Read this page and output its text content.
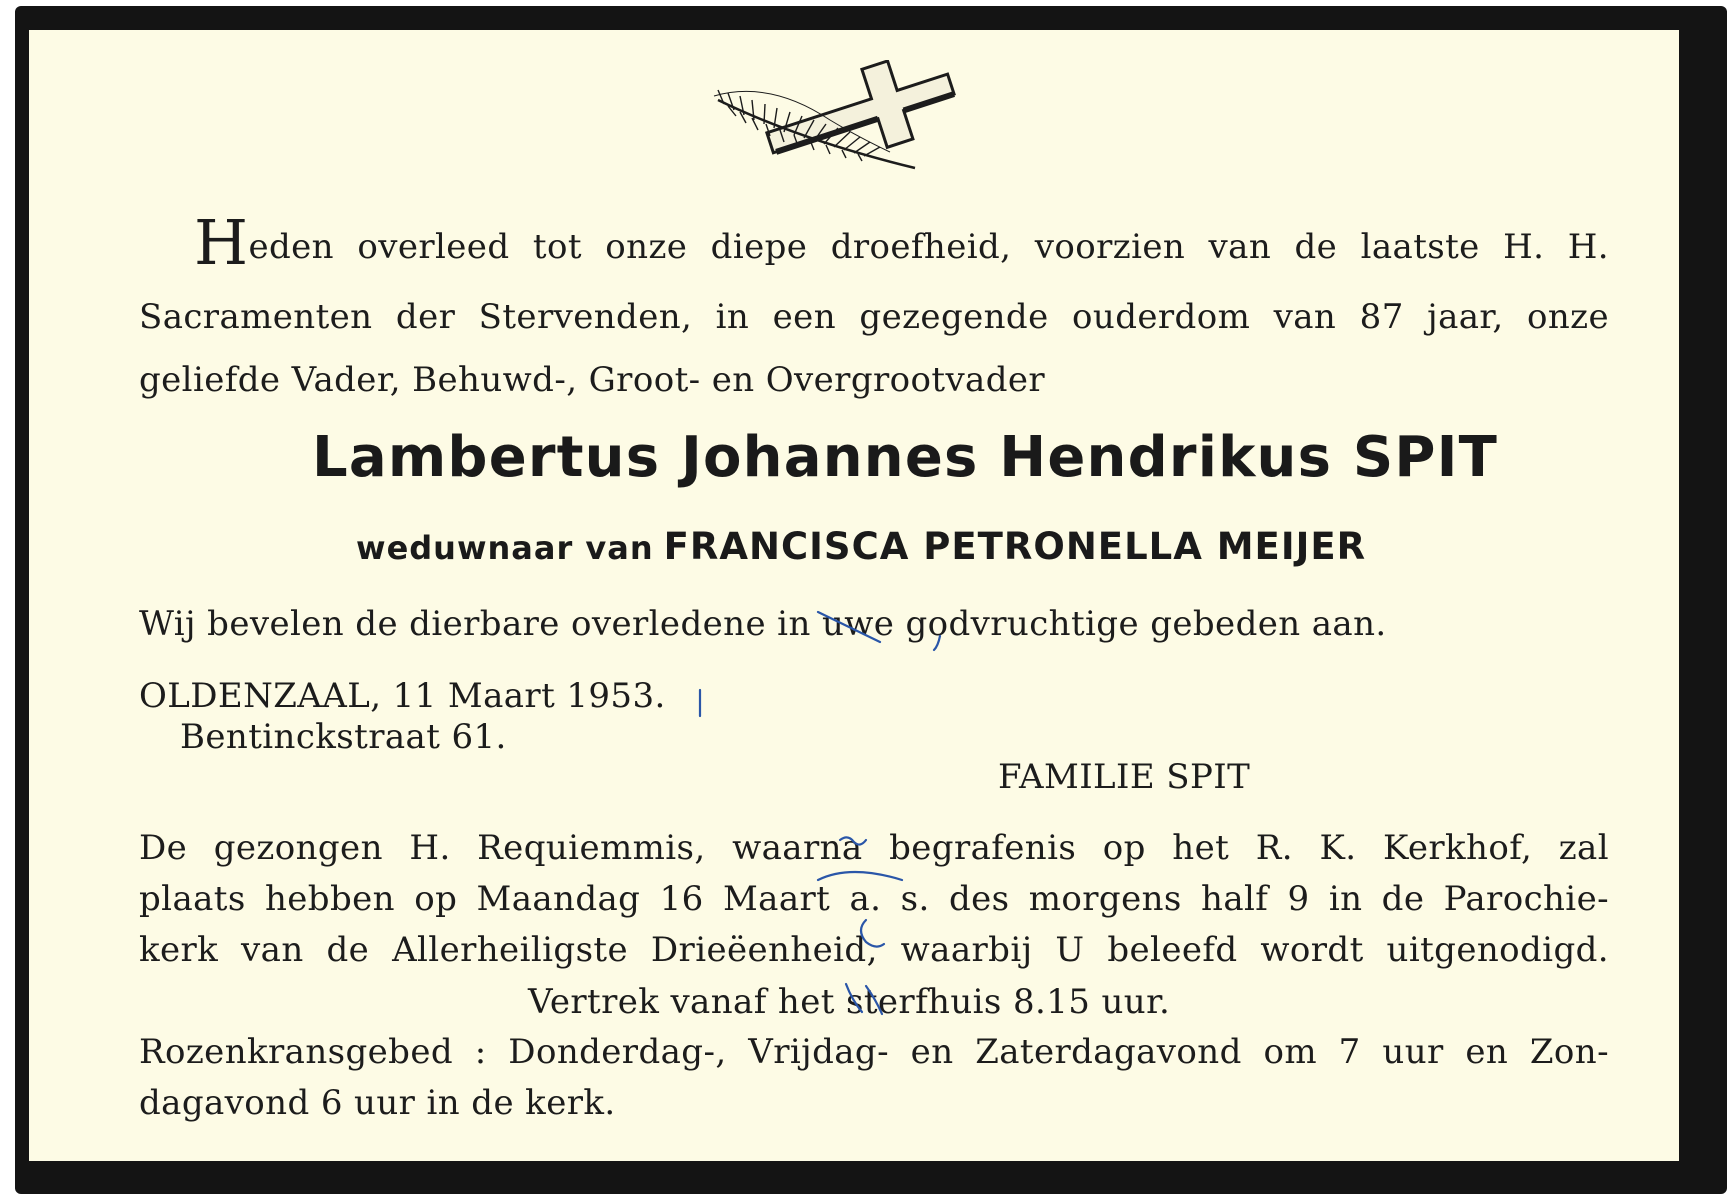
Heden overleed tot onze diepe droefheid, voorzien van de laatste H. H.
Sacramenten der Stervenden, in een gezegende ouderdom van 87 jaar, onze
geliefde Vader, Behuwd-, Groot- en Overgrootvader
Lambertus Johannes Hendrikus SPIT
weduwnaar van FRANCISCA PETRONELLA MEIJER
Wij bevelen de dierbare overledene in uwe godvruchtige gebeden aan.
OLDENZAAL, 11 Maart 1953.
Bentinckstraat 61.
FAMILIE SPIT
De gezongen H. Requiemmis, waarna begrafenis op het R. K. Kerkhof, zal
plaats hebben op Maandag 16 Maart a. s. des morgens half 9 in de Parochie-
kerk van de Allerheiligste Drieëenheid, waarbij U beleefd wordt uitgenodigd.
Vertrek vanaf het sterfhuis 8.15 uur.
Rozenkransgebed : Donderdag-, Vrijdag- en Zaterdagavond om 7 uur en Zon-
dagavond 6 uur in de kerk.
